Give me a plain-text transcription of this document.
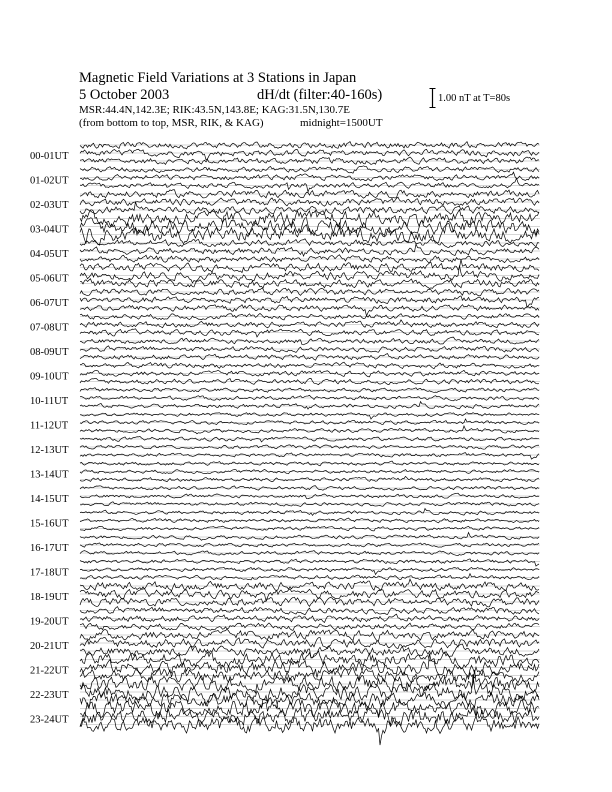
Magnetic Field Variations at 3 Stations in Japan
5 October 2003	dH/dt (filter:40-160s)
MSR:44.4N,142.3E; RIK:43.5N,143.8E; KAG:31.5N,130.7E
(from bottom to top, MSR, RIK, & KAG)	midnight=1500UT
1.00 nT at T=80s
00-01UT
01-02UT
02-03UT
03-04UT
04-05UT
05-06UT
06-07UT
07-08UT
08-09UT
09-10UT
10-11UT
11-12UT
12-13UT
13-14UT
14-15UT
15-16UT
16-17UT
17-18UT
18-19UT
19-20UT
20-21UT
21-22UT
22-23UT
23-24UT
